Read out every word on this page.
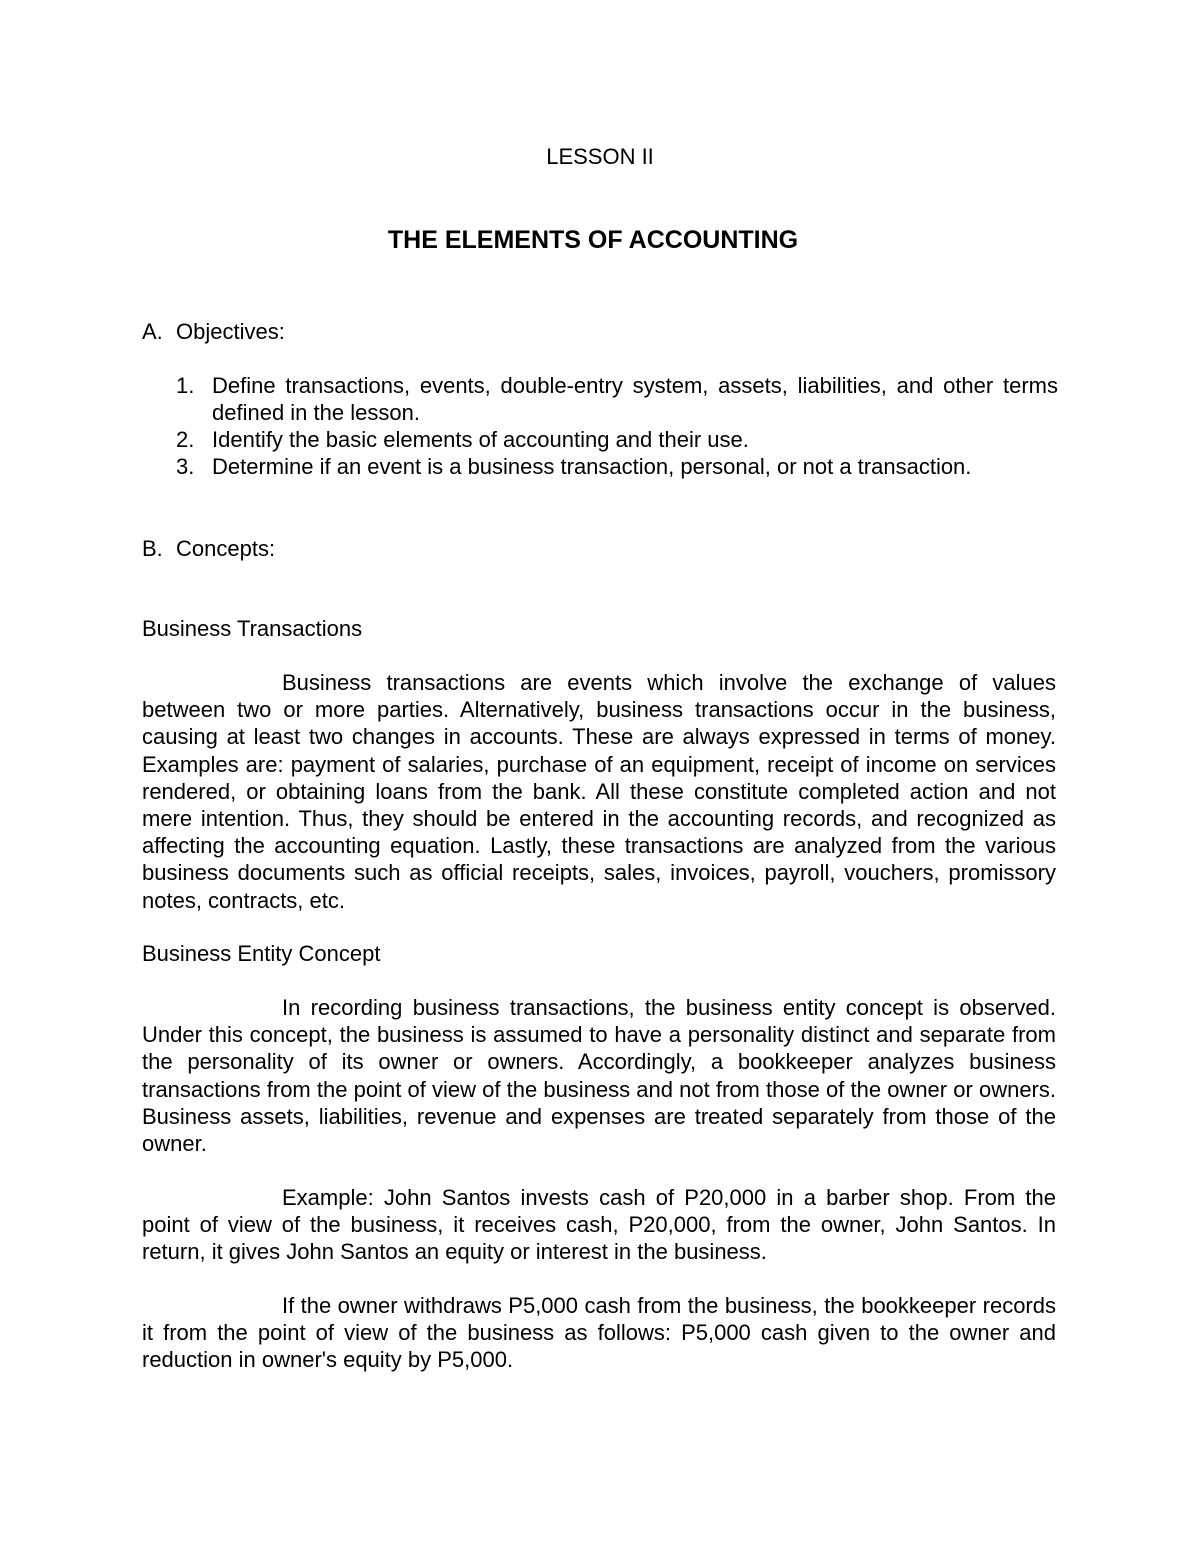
LESSON II
THE ELEMENTS OF ACCOUNTING
A. Objectives:
1. Define transactions, events, double-entry system, assets, liabilities, and other terms defined in the lesson.
2. Identify the basic elements of accounting and their use.
3. Determine if an event is a business transaction, personal, or not a transaction.
B. Concepts:
Business Transactions

Business transactions are events which involve the exchange of values between two or more parties. Alternatively, business transactions occur in the business, causing at least two changes in accounts. These are always expressed in terms of money. Examples are: payment of salaries, purchase of an equipment, receipt of income on services rendered, or obtaining loans from the bank. All these constitute completed action and not mere intention. Thus, they should be entered in the accounting records, and recognized as affecting the accounting equation. Lastly, these transactions are analyzed from the various business documents such as official receipts, sales, invoices, payroll, vouchers, promissory notes, contracts, etc.

Business Entity Concept

In recording business transactions, the business entity concept is observed. Under this concept, the business is assumed to have a personality distinct and separate from the personality of its owner or owners. Accordingly, a bookkeeper analyzes business transactions from the point of view of the business and not from those of the owner or owners. Business assets, liabilities, revenue and expenses are treated separately from those of the owner.

Example: John Santos invests cash of P20,000 in a barber shop. From the point of view of the business, it receives cash, P20,000, from the owner, John Santos. In return, it gives John Santos an equity or interest in the business.

If the owner withdraws P5,000 cash from the business, the bookkeeper records it from the point of view of the business as follows: P5,000 cash given to the owner and reduction in owner's equity by P5,000.
